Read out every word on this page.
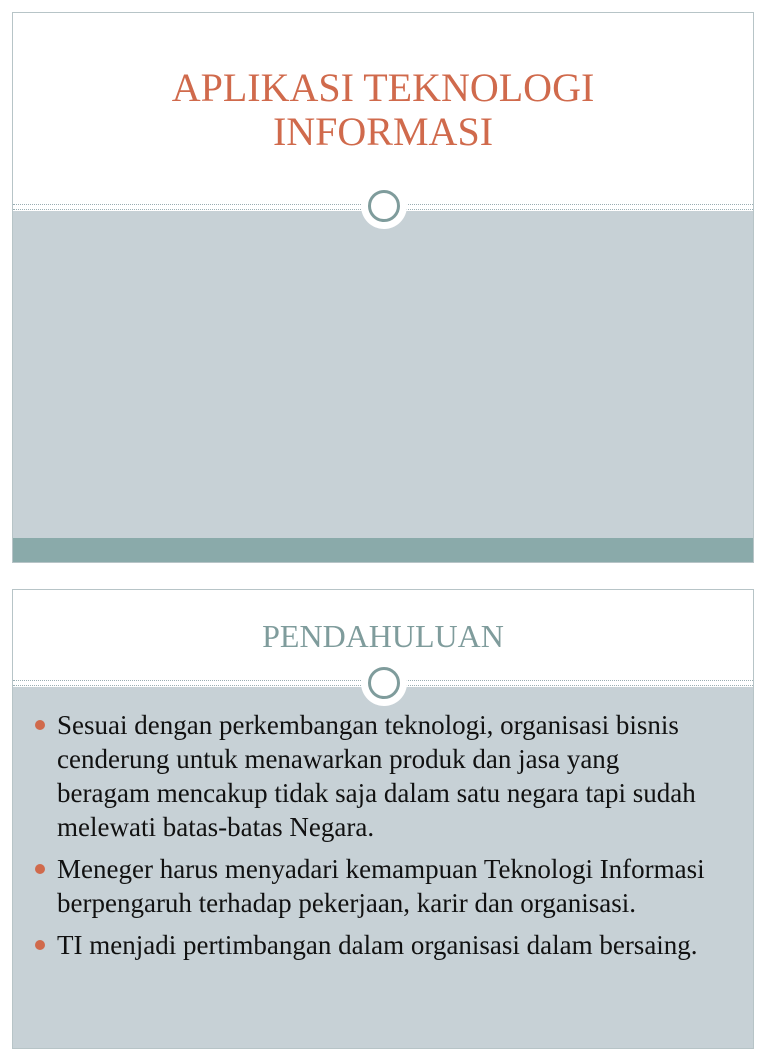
APLIKASI TEKNOLOGI
INFORMASI
PENDAHULUAN
Sesuai dengan perkembangan teknologi, organisasi bisnis cenderung untuk menawarkan produk dan jasa yang beragam mencakup tidak saja dalam satu negara tapi sudah melewati batas-batas Negara.
Meneger harus menyadari kemampuan Teknologi Informasi berpengaruh terhadap pekerjaan, karir dan organisasi.
TI menjadi pertimbangan dalam organisasi dalam bersaing.
